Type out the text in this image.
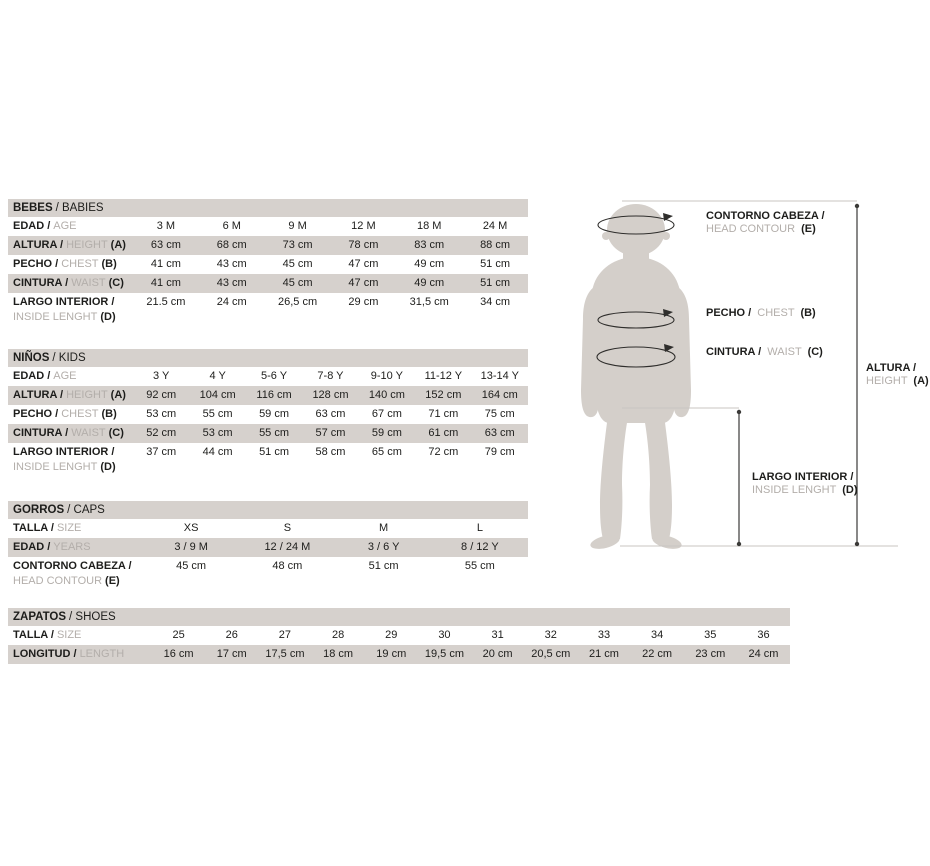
BEBES / BABIES
EDAD / AGE	3 M	6 M	9 M	12 M	18 M	24 M
ALTURA / HEIGHT (A)	63 cm	68 cm	73 cm	78 cm	83 cm	88 cm
PECHO / CHEST (B)	41 cm	43 cm	45 cm	47 cm	49 cm	51 cm
CINTURA / WAIST (C)	41 cm	43 cm	45 cm	47 cm	49 cm	51 cm
LARGO INTERIOR /
INSIDE LENGHT (D)
21.5 cm	24 cm	26,5 cm	29 cm	31,5 cm	34 cm
NIÑOS / KIDS
EDAD / AGE	3 Y	4 Y	5-6 Y	7-8 Y	9-10 Y	11-12 Y	13-14 Y
ALTURA / HEIGHT (A)	92 cm	104 cm	116 cm	128 cm	140 cm	152 cm	164 cm
PECHO / CHEST (B)	53 cm	55 cm	59 cm	63 cm	67 cm	71 cm	75 cm
CINTURA / WAIST (C)	52 cm	53 cm	55 cm	57 cm	59 cm	61 cm	63 cm
LARGO INTERIOR /
INSIDE LENGHT (D)
37 cm	44 cm	51 cm	58 cm	65 cm	72 cm	79 cm
GORROS / CAPS
TALLA / SIZE	XS	S	M	L
EDAD / YEARS	3 / 9 M	12 / 24 M	3 / 6 Y	8 / 12 Y
CONTORNO CABEZA /
HEAD CONTOUR (E)
45 cm	48 cm	51 cm	55 cm
ZAPATOS / SHOES
TALLA / SIZE	25	26	27	28	29	30	31	32	33	34	35	36
LONGITUD / LENGTH	16 cm	17 cm	17,5 cm	18 cm	19 cm	19,5 cm	20 cm	20,5 cm	21 cm	22 cm	23 cm	24 cm
CONTORNO CABEZA /
HEAD CONTOUR (E)
PECHO / CHEST (B)
CINTURA / WAIST (C)
ALTURA /
HEIGHT (A)
LARGO INTERIOR /
INSIDE LENGHT (D)
